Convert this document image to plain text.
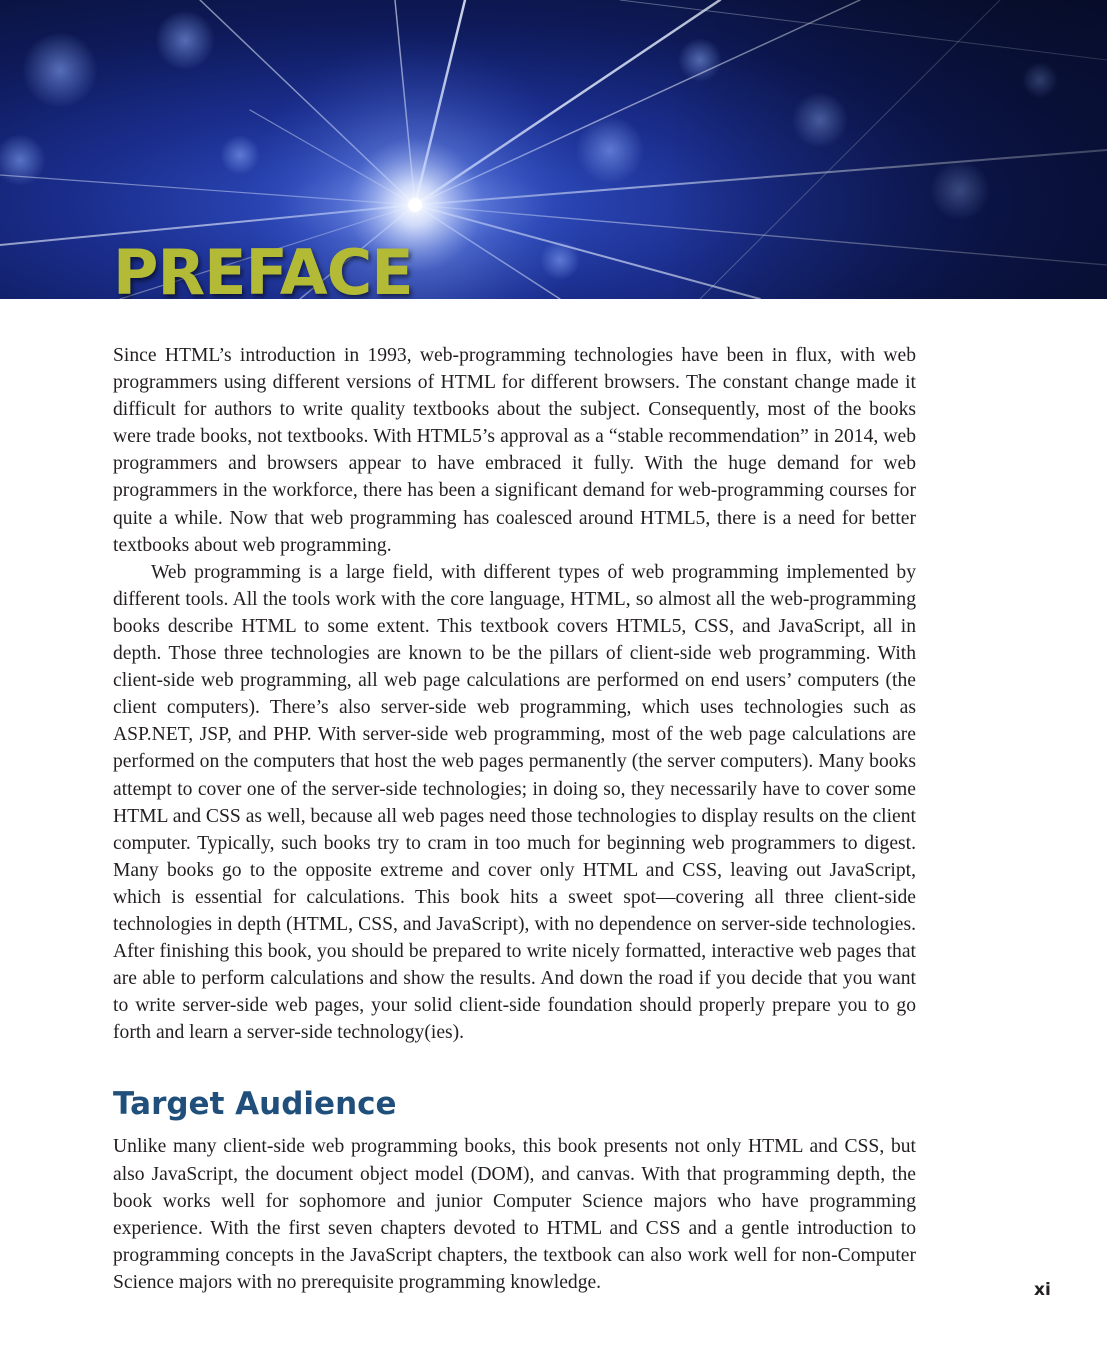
PREFACE

Since HTML’s introduction in 1993, web-programming technologies have been in flux, with web programmers using different versions of HTML for different browsers. The constant change made it difficult for authors to write quality textbooks about the subject. Consequently, most of the books were trade books, not textbooks. With HTML5’s approval as a “stable recommendation” in 2014, web programmers and browsers appear to have embraced it fully. With the huge demand for web programmers in the workforce, there has been a significant demand for web-programming courses for quite a while. Now that web programming has coalesced around HTML5, there is a need for better textbooks about web programming.

Web programming is a large field, with different types of web programming implemented by different tools. All the tools work with the core language, HTML, so almost all the web-programming books describe HTML to some extent. This textbook covers HTML5, CSS, and JavaScript, all in depth. Those three technologies are known to be the pillars of client-side web programming. With client-side web programming, all web page calculations are performed on end users’ computers (the client computers). There’s also server-side web programming, which uses technologies such as ASP.NET, JSP, and PHP. With server-side web programming, most of the web page calculations are performed on the computers that host the web pages permanently (the server computers). Many books attempt to cover one of the server-side technologies; in doing so, they necessarily have to cover some HTML and CSS as well, because all web pages need those technologies to display results on the client computer. Typically, such books try to cram in too much for beginning web programmers to digest. Many books go to the opposite extreme and cover only HTML and CSS, leaving out JavaScript, which is essential for calculations. This book hits a sweet spot—covering all three client-side technologies in depth (HTML, CSS, and JavaScript), with no dependence on server-side technologies. After finishing this book, you should be prepared to write nicely formatted, interactive web pages that are able to perform calculations and show the results. And down the road if you decide that you want to write server-side web pages, your solid client-side foundation should properly prepare you to go forth and learn a server-side technology(ies).

Target Audience

Unlike many client-side web programming books, this book presents not only HTML and CSS, but also JavaScript, the document object model (DOM), and canvas. With that programming depth, the book works well for sophomore and junior Computer Science majors who have programming experience. With the first seven chapters devoted to HTML and CSS and a gentle introduction to programming concepts in the JavaScript chapters, the textbook can also work well for non-Computer Science majors with no prerequisite programming knowledge.	xi
